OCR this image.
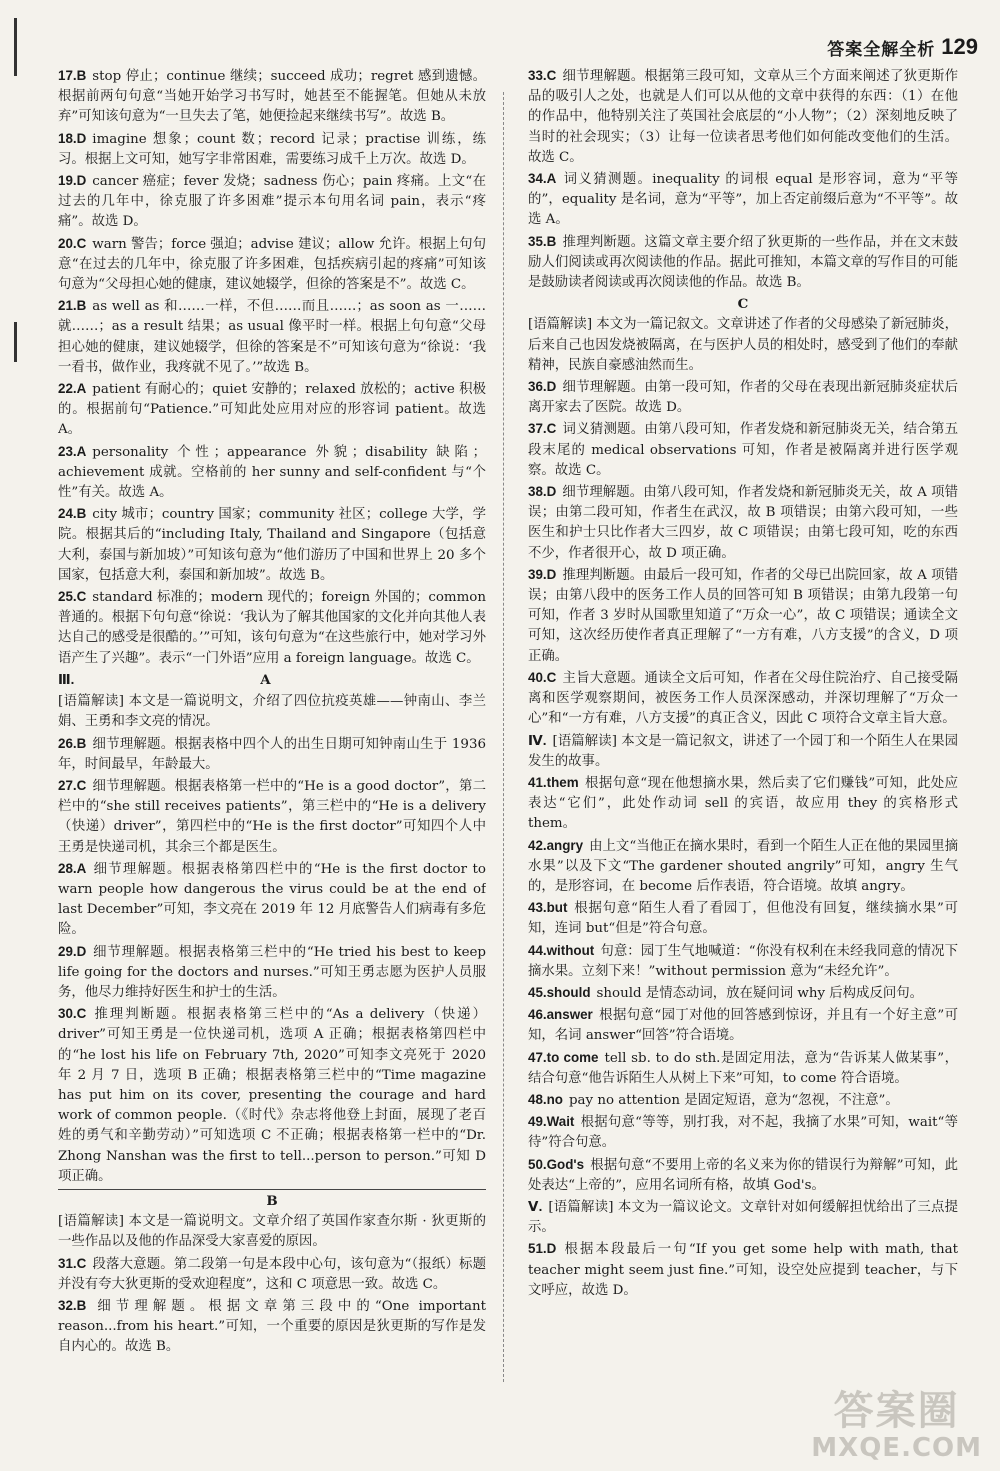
答案全解全析 129

17.B stop 停止；continue 继续；succeed 成功；regret 感到遗憾。根据前两句句意“当她开始学习书写时，她甚至不能握笔。但她从未放弃”可知该句意为“一旦失去了笔，她便捡起来继续书写”。故选 B。

18.D imagine 想象；count 数；record 记录；practise 训练，练习。根据上文可知，她写字非常困难，需要练习成千上万次。故选 D。

19.D cancer 癌症；fever 发烧；sadness 伤心；pain 疼痛。上文“在过去的几年中，徐克服了许多困难”提示本句用名词 pain，表示“疼痛”。故选 D。

20.C warn 警告；force 强迫；advise 建议；allow 允许。根据上句句意“在过去的几年中，徐克服了许多困难，包括疾病引起的疼痛”可知该句意为“父母担心她的健康，建议她辍学，但徐的答案是不”。故选 C。

21.B as well as 和……一样，不但……而且……；as soon as 一……就……；as a result 结果；as usual 像平时一样。根据上句句意“父母担心她的健康，建议她辍学，但徐的答案是不”可知该句意为“徐说：‘我一看书，做作业，我疼就不见了。’”故选 B。

22.A patient 有耐心的；quiet 安静的；relaxed 放松的；active 积极的。根据前句“Patience.”可知此处应用对应的形容词 patient。故选 A。

23.A personality 个性；appearance 外貌；disability 缺陷；achievement 成就。空格前的 her sunny and self-confident 与“个性”有关。故选 A。

24.B city 城市；country 国家；community 社区；college 大学，学院。根据其后的“including Italy, Thailand and Singapore（包括意大利，泰国与新加坡）”可知该句意为“他们游历了中国和世界上 20 多个国家，包括意大利，泰国和新加坡”。故选 B。

25.C standard 标准的；modern 现代的；foreign 外国的；common 普通的。根据下句句意“徐说：‘我认为了解其他国家的文化并向其他人表达自己的感受是很酷的。’”可知，该句句意为“在这些旅行中，她对学习外语产生了兴趣”。表示“一门外语”应用 a foreign language。故选 C。

Ⅲ.	A

[语篇解读] 本文是一篇说明文，介绍了四位抗疫英雄——钟南山、李兰娟、王勇和李文亮的情况。

26.B 细节理解题。根据表格中四个人的出生日期可知钟南山生于 1936 年，时间最早，年龄最大。

27.C 细节理解题。根据表格第一栏中的“He is a good doctor”，第二栏中的“she still receives patients”，第三栏中的“He is a delivery（快递）driver”，第四栏中的“He is the first doctor”可知四个人中王勇是快递司机，其余三个都是医生。

28.A 细节理解题。根据表格第四栏中的“He is the first doctor to warn people how dangerous the virus could be at the end of last December”可知，李文亮在 2019 年 12 月底警告人们病毒有多危险。

29.D 细节理解题。根据表格第三栏中的“He tried his best to keep life going for the doctors and nurses.”可知王勇志愿为医护人员服务，他尽力维持好医生和护士的生活。

30.C 推理判断题。根据表格第三栏中的“As a delivery（快递）driver”可知王勇是一位快递司机，选项 A 正确；根据表格第四栏中的“he lost his life on February 7th, 2020”可知李文亮死于 2020 年 2 月 7 日，选项 B 正确；根据表格第三栏中的“Time magazine has put him on its cover, presenting the courage and hard work of common people.（《时代》杂志将他登上封面，展现了老百姓的勇气和辛勤劳动）”可知选项 C 不正确；根据表格第一栏中的“Dr. Zhong Nanshan was the first to tell...person to person.”可知 D 项正确。

B

[语篇解读] 本文是一篇说明文。文章介绍了英国作家查尔斯 · 狄更斯的一些作品以及他的作品深受大家喜爱的原因。

31.C 段落大意题。第二段第一句是本段中心句，该句意为“（报纸）标题并没有夸大狄更斯的受欢迎程度”，这和 C 项意思一致。故选 C。

32.B 细节理解题。根据文章第三段中的“One important reason...from his heart.”可知，一个重要的原因是狄更斯的写作是发自内心的。故选 B。

33.C 细节理解题。根据第三段可知，文章从三个方面来阐述了狄更斯作品的吸引人之处，也就是人们可以从他的文章中获得的东西：（1）在他的作品中，他特别关注了英国社会底层的“小人物”；（2）深刻地反映了当时的社会现实；（3）让每一位读者思考他们如何能改变他们的生活。故选 C。

34.A 词义猜测题。inequality 的词根 equal 是形容词，意为“平等的”，equality 是名词，意为“平等”，加上否定前缀后意为“不平等”。故选 A。

35.B 推理判断题。这篇文章主要介绍了狄更斯的一些作品，并在文末鼓励人们阅读或再次阅读他的作品。据此可推知，本篇文章的写作目的可能是鼓励读者阅读或再次阅读他的作品。故选 B。

C

[语篇解读] 本文为一篇记叙文。文章讲述了作者的父母感染了新冠肺炎，后来自己也因发烧被隔离，在与医护人员的相处时，感受到了他们的奉献精神，民族自豪感油然而生。

36.D 细节理解题。由第一段可知，作者的父母在表现出新冠肺炎症状后离开家去了医院。故选 D。

37.C 词义猜测题。由第八段可知，作者发烧和新冠肺炎无关，结合第五段末尾的 medical observations 可知，作者是被隔离并进行医学观察。故选 C。

38.D 细节理解题。由第八段可知，作者发烧和新冠肺炎无关，故 A 项错误；由第二段可知，作者生在武汉，故 B 项错误；由第六段可知，一些医生和护士只比作者大三四岁，故 C 项错误；由第七段可知，吃的东西不少，作者很开心，故 D 项正确。

39.D 推理判断题。由最后一段可知，作者的父母已出院回家，故 A 项错误；由第八段中的医务工作人员的回答可知 B 项错误；由第九段第一句可知，作者 3 岁时从国歌里知道了“万众一心”，故 C 项错误；通读全文可知，这次经历使作者真正理解了“一方有难，八方支援”的含义，D 项正确。

40.C 主旨大意题。通读全文后可知，作者在父母住院治疗、自己接受隔离和医学观察期间，被医务工作人员深深感动，并深切理解了“万众一心”和“一方有难，八方支援”的真正含义，因此 C 项符合文章主旨大意。

Ⅳ. [语篇解读] 本文是一篇记叙文，讲述了一个园丁和一个陌生人在果园发生的故事。

41.them 根据句意“现在他想摘水果，然后卖了它们赚钱”可知，此处应表达“它们”，此处作动词 sell 的宾语，故应用 they 的宾格形式 them。

42.angry 由上文“当他正在摘水果时，看到一个陌生人正在他的果园里摘水果”以及下文“The gardener shouted angrily”可知，angry 生气的，是形容词，在 become 后作表语，符合语境。故填 angry。

43.but 根据句意“陌生人看了看园丁，但他没有回复，继续摘水果”可知，连词 but“但是”符合句意。

44.without 句意：园丁生气地喊道：“你没有权利在未经我同意的情况下摘水果。立刻下来！”without permission 意为“未经允许”。

45.should should 是情态动词，放在疑问词 why 后构成反问句。

46.answer 根据句意“园丁对他的回答感到惊讶，并且有一个好主意”可知，名词 answer“回答”符合语境。

47.to come tell sb. to do sth.是固定用法，意为“告诉某人做某事”，结合句意“他告诉陌生人从树上下来”可知，to come 符合语境。

48.no pay no attention 是固定短语，意为“忽视，不注意”。

49.Wait 根据句意“等等，别打我，对不起，我摘了水果”可知，wait“等待”符合句意。

50.God's 根据句意“不要用上帝的名义来为你的错误行为辩解”可知，此处表达“上帝的”，应用名词所有格，故填 God's。

Ⅴ. [语篇解读] 本文为一篇议论文。文章针对如何缓解担忧给出了三点提示。

51.D 根据本段最后一句“If you get some help with math, that teacher might seem just fine.”可知，设空处应提到 teacher，与下文呼应，故选 D。

答案圈
MXQE.COM
